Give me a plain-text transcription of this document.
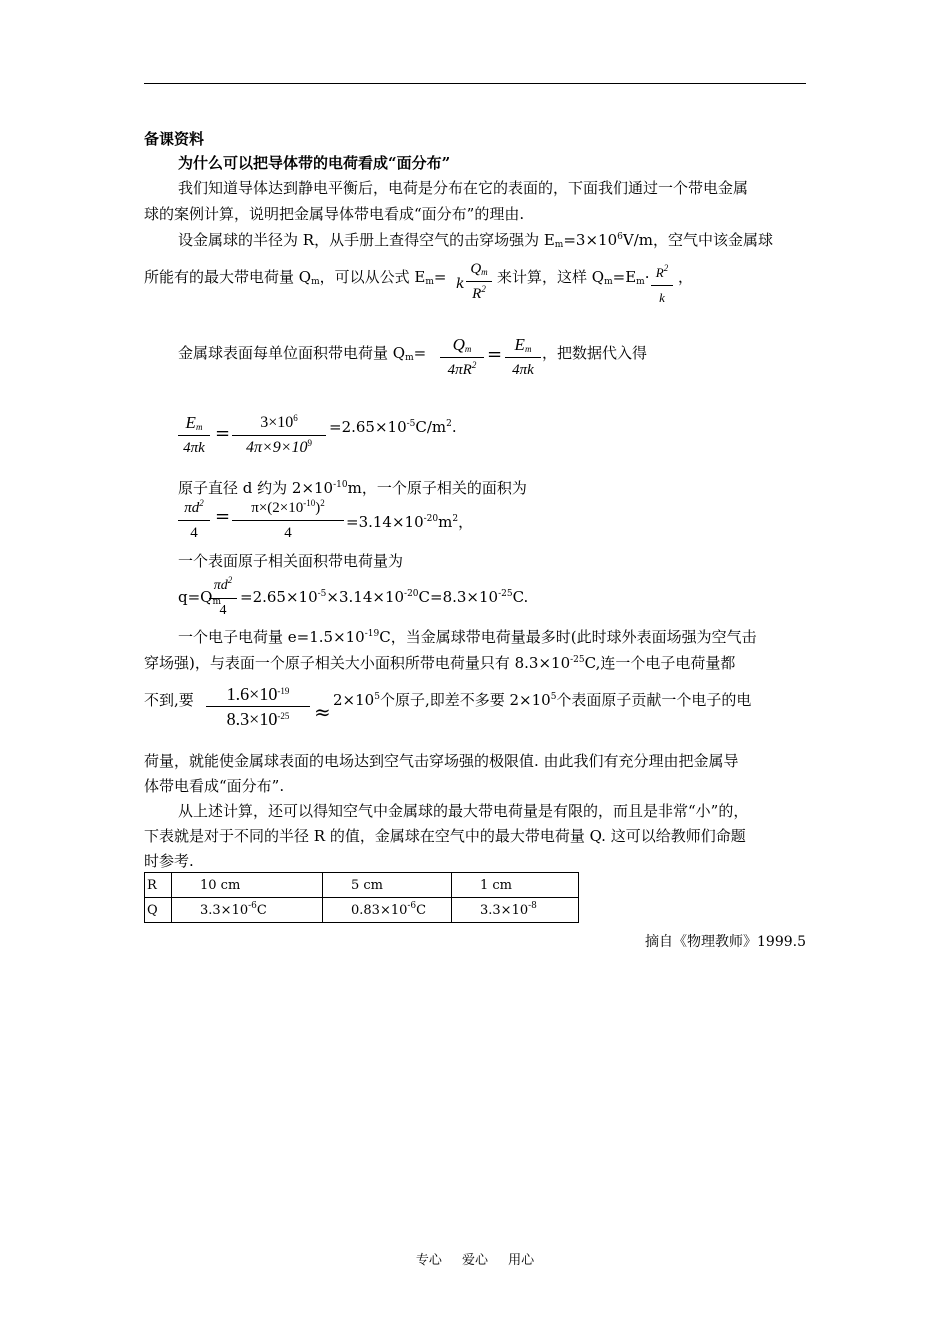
备课资料
为什么可以把导体带的电荷看成“面分布”
我们知道导体达到静电平衡后，电荷是分布在它的表面的，下面我们通过一个带电金属
球的案例计算，说明把金属导体带电看成“面分布”的理由.
设金属球的半径为 R，从手册上查得空气的击穿场强为 $E_m=3\times 10^6V/m$，空气中该金属球
所能有的最大带电荷量 $Q_m$，可以从公式 $E_m= k$
$Q_m$
$R^2$
来计算，这样 $Q_m=E_m\cdot R^2$
k
，
金属球表面每单位面积带电荷量 $Q_m=$	$Q_m$
$4\pi R^2 = E_m$
4πk
，把数据代入得
$E_m$
4πk
=
$3\times 10^6$
$4\pi\times 9\times 10^9$
$=2.65\times 10^{-5}C/m^2$.
原子直径 d 约为 $2\times 10^{-10}m$，一个原子相关的面积为
$\pi d^2$
4
=	$\pi\times(2\times 10^{-10})^2$
4
$=3.14\times 10^{-20}m^2$，
一个表面原子相关面积带电荷量为
$q=Q_m$
$\pi d^2$
4
$=2.65\times 10^{-5}\times 3.14\times 10^{-20}C=8.3\times 10^{-25}C$.
一个电子电荷量 $e=1.5\times 10^{-19}C$，当金属球带电荷量最多时(此时球外表面场强为空气击
穿场强)，与表面一个原子相关大小面积所带电荷量只有 $8.3\times 10^{-25}C$,连一个电子电荷量都
不到,要	$1.6\times 10^{-19}$
$8.3\times 10^{-25}$	≈ $2\times 10^5$个原子,即差不多要 $2\times 10^5$个表面原子贡献一个电子的电
荷量，就能使金属球表面的电场达到空气击穿场强的极限值. 由此我们有充分理由把金属导
体带电看成“面分布”.
从上述计算，还可以得知空气中金属球的最大带电荷量是有限的，而且是非常“小”的，
下表就是对于不同的半径 R 的值，金属球在空气中的最大带电荷量 Q. 这可以给教师们命题
时参考.
R	10 cm	5 cm	1 cm
Q	$3.3\times 10^{-6}C$	$0.83\times 10^{-6}C$	$3.3\times 10^{-8}$
摘自《物理教师》1999.5
专心 爱心 用心
